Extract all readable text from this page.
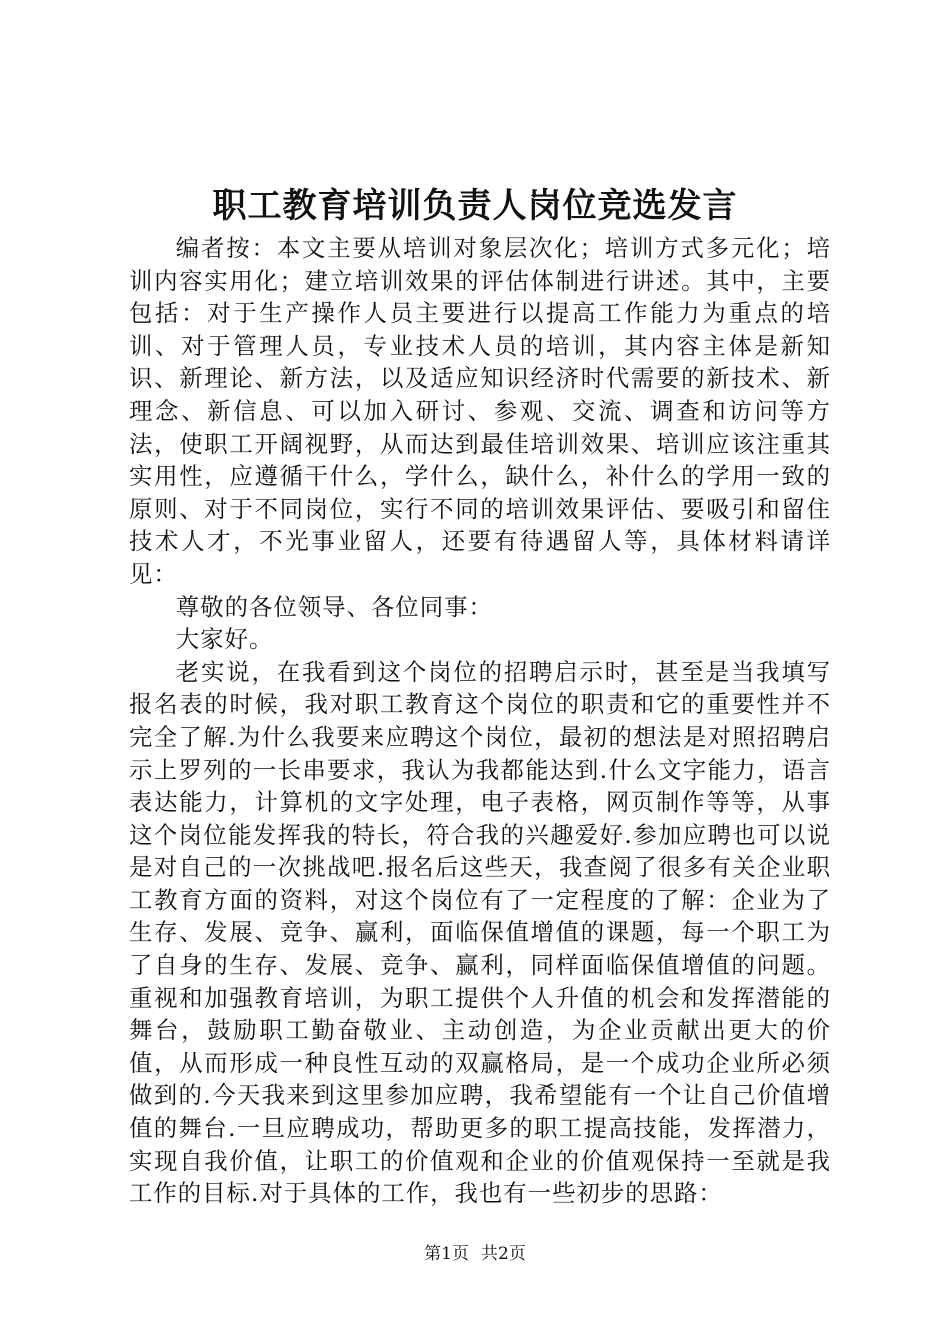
职工教育培训负责人岗位竞选发言

编者按：本文主要从培训对象层次化；培训方式多元化；培训内容实用化；建立培训效果的评估体制进行讲述。其中，主要包括：对于生产操作人员主要进行以提高工作能力为重点的培训、对于管理人员，专业技术人员的培训，其内容主体是新知识、新理论、新方法，以及适应知识经济时代需要的新技术、新理念、新信息、可以加入研讨、参观、交流、调查和访问等方法，使职工开阔视野，从而达到最佳培训效果、培训应该注重其实用性，应遵循干什么，学什么，缺什么，补什么的学用一致的原则、对于不同岗位，实行不同的培训效果评估、要吸引和留住技术人才，不光事业留人，还要有待遇留人等，具体材料请详见：

尊敬的各位领导、各位同事：

大家好。

老实说，在我看到这个岗位的招聘启示时，甚至是当我填写报名表的时候，我对职工教育这个岗位的职责和它的重要性并不完全了解.为什么我要来应聘这个岗位，最初的想法是对照招聘启示上罗列的一长串要求，我认为我都能达到.什么文字能力，语言表达能力，计算机的文字处理，电子表格，网页制作等等，从事这个岗位能发挥我的特长，符合我的兴趣爱好.参加应聘也可以说是对自己的一次挑战吧.报名后这些天，我查阅了很多有关企业职工教育方面的资料，对这个岗位有了一定程度的了解：企业为了生存、发展、竞争、赢利，面临保值增值的课题，每一个职工为了自身的生存、发展、竞争、赢利，同样面临保值增值的问题。重视和加强教育培训，为职工提供个人升值的机会和发挥潜能的舞台，鼓励职工勤奋敬业、主动创造，为企业贡献出更大的价值，从而形成一种良性互动的双赢格局，是一个成功企业所必须做到的.今天我来到这里参加应聘，我希望能有一个让自己价值增值的舞台.一旦应聘成功，帮助更多的职工提高技能，发挥潜力，实现自我价值，让职工的价值观和企业的价值观保持一至就是我工作的目标.对于具体的工作，我也有一些初步的思路：

第1页 共2页
